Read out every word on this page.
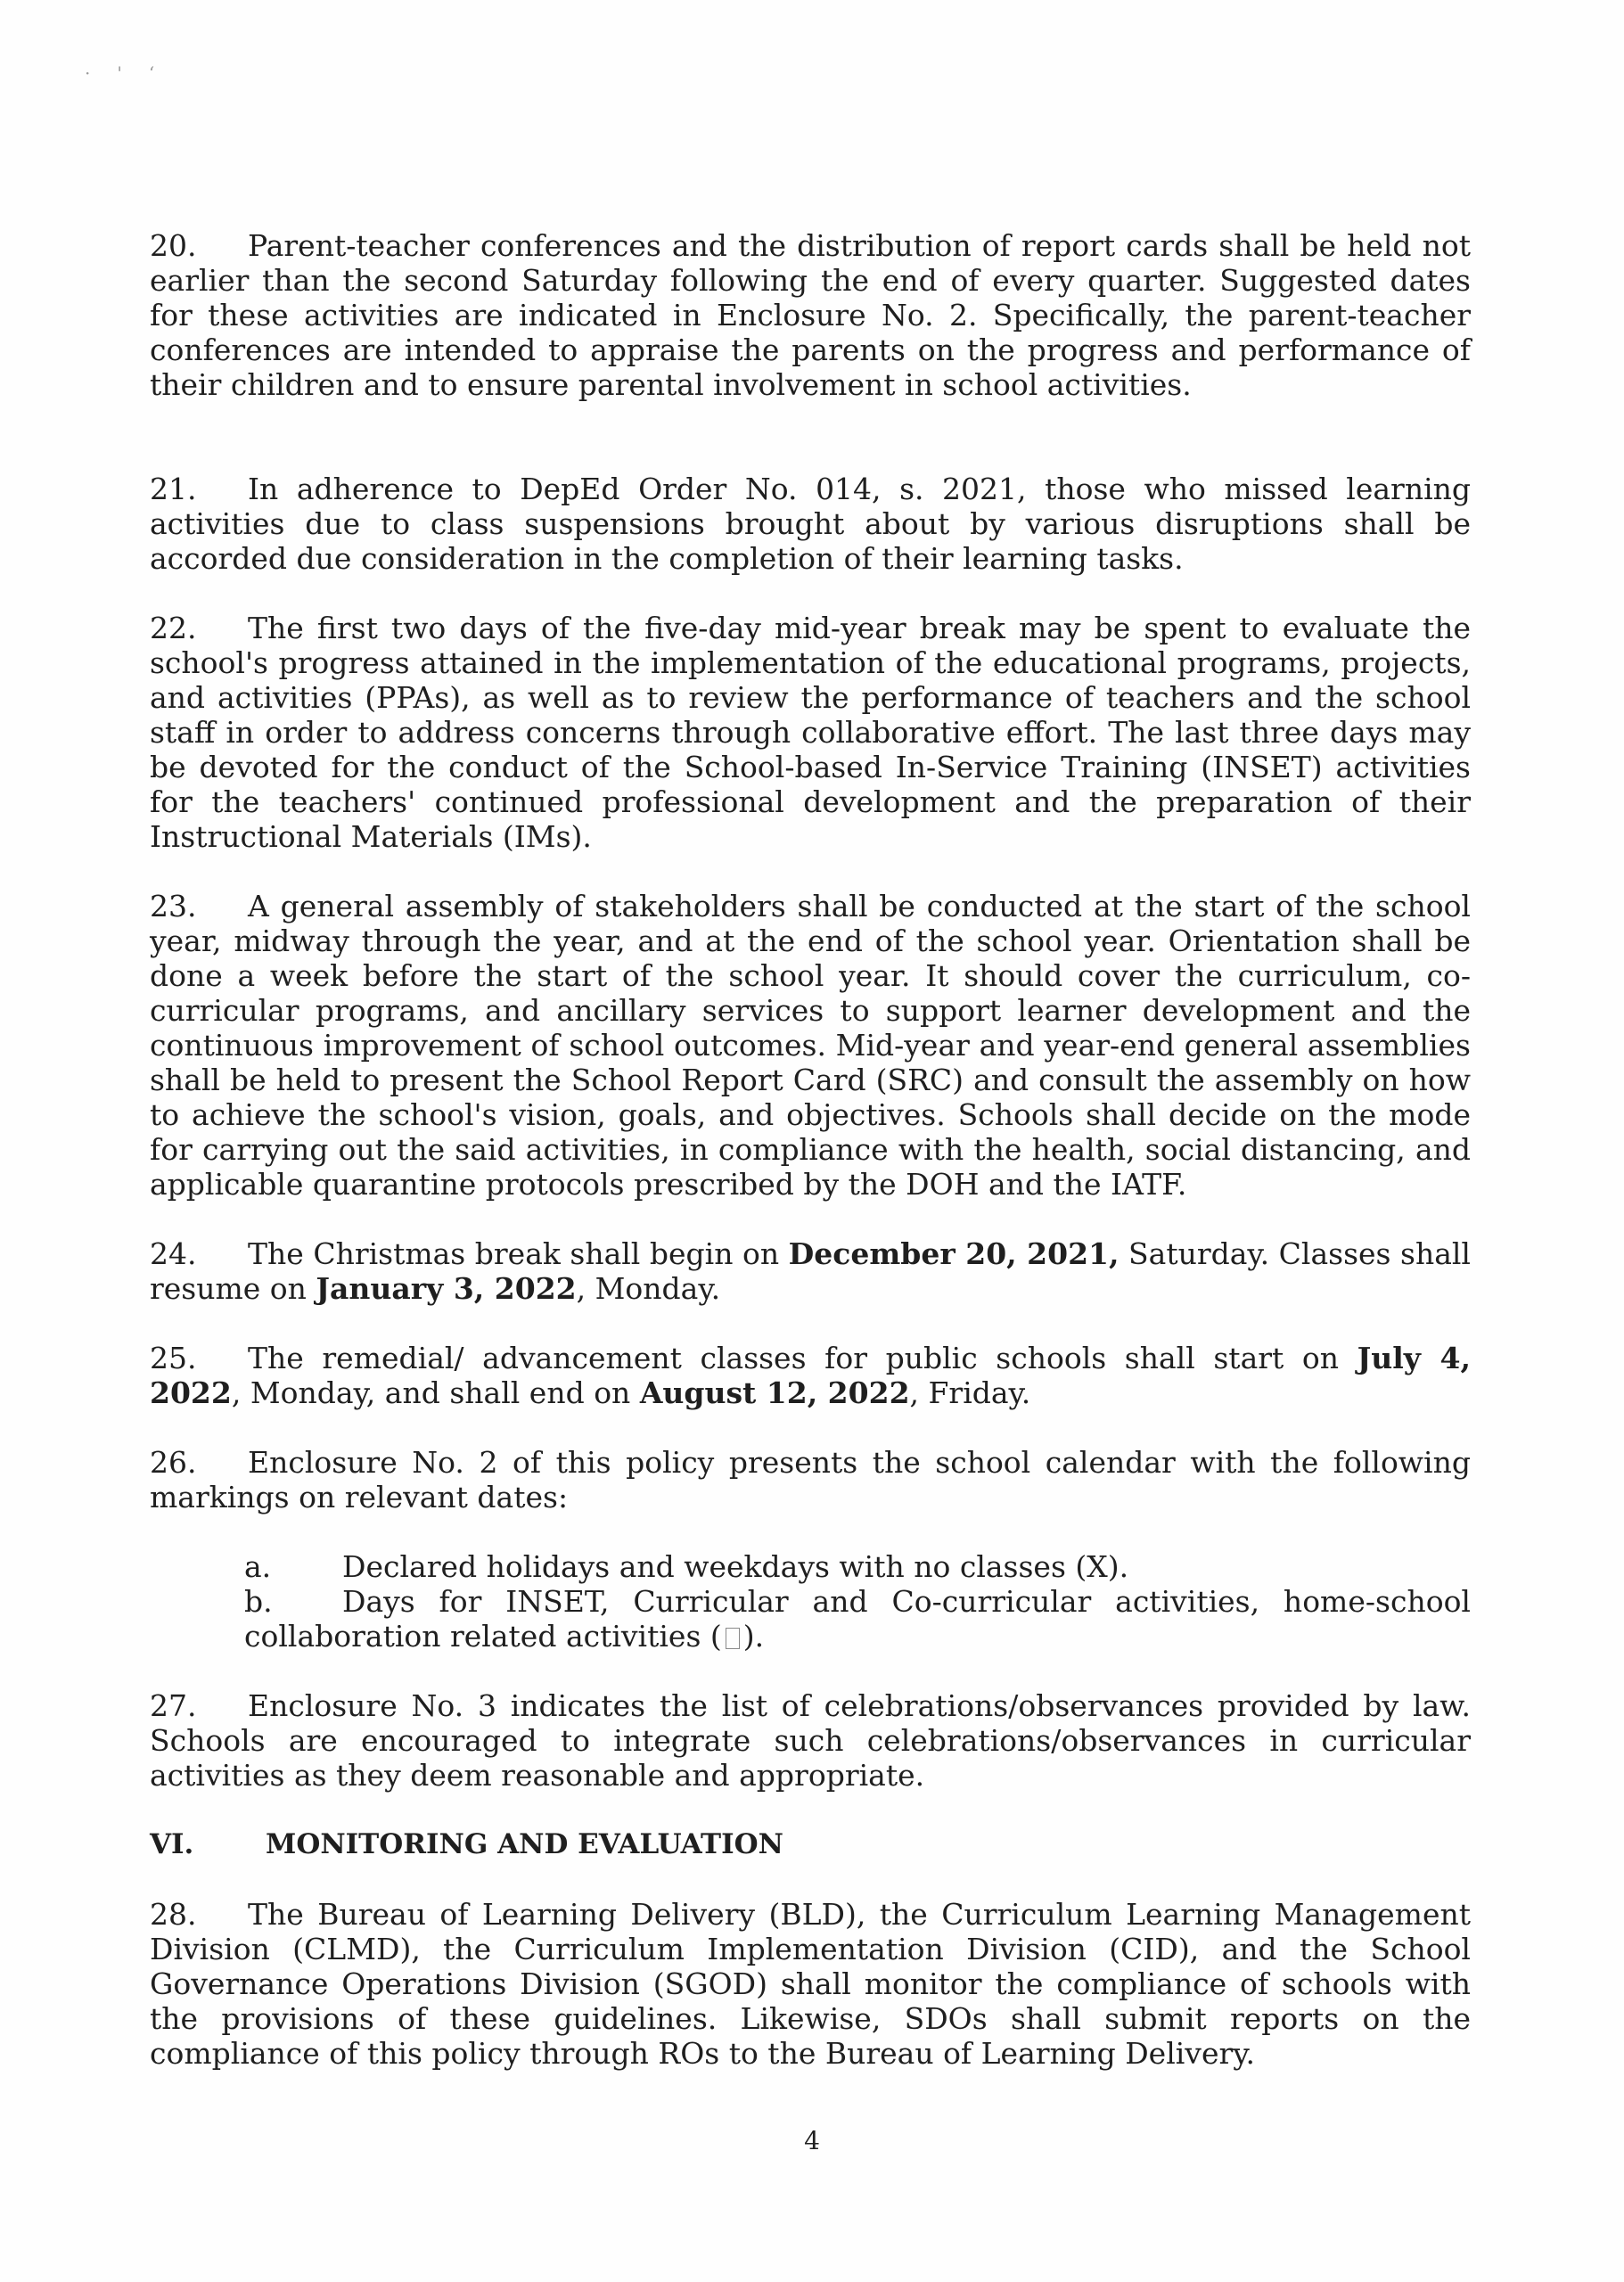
·'ʻ

20. Parent-teacher conferences and the distribution of report cards shall be held not earlier than the second Saturday following the end of every quarter. Suggested dates for these activities are indicated in Enclosure No. 2. Specifically, the parent-teacher conferences are intended to appraise the parents on the progress and performance of their children and to ensure parental involvement in school activities.

21. In adherence to DepEd Order No. 014, s. 2021, those who missed learning activities due to class suspensions brought about by various disruptions shall be accorded due consideration in the completion of their learning tasks.

22. The first two days of the five-day mid-year break may be spent to evaluate the school's progress attained in the implementation of the educational programs, projects, and activities (PPAs), as well as to review the performance of teachers and the school staff in order to address concerns through collaborative effort. The last three days may be devoted for the conduct of the School-based In-Service Training (INSET) activities for the teachers' continued professional development and the preparation of their Instructional Materials (IMs).

23. A general assembly of stakeholders shall be conducted at the start of the school year, midway through the year, and at the end of the school year. Orientation shall be done a week before the start of the school year. It should cover the curriculum, co-curricular programs, and ancillary services to support learner development and the continuous improvement of school outcomes. Mid-year and year-end general assemblies shall be held to present the School Report Card (SRC) and consult the assembly on how to achieve the school's vision, goals, and objectives. Schools shall decide on the mode for carrying out the said activities, in compliance with the health, social distancing, and applicable quarantine protocols prescribed by the DOH and the IATF.

24. The Christmas break shall begin on December 20, 2021, Saturday. Classes shall resume on January 3, 2022, Monday.

25. The remedial/ advancement classes for public schools shall start on July 4, 2022, Monday, and shall end on August 12, 2022, Friday.

26. Enclosure No. 2 of this policy presents the school calendar with the following markings on relevant dates:

a. Declared holidays and weekdays with no classes (X).

b. Days for INSET, Curricular and Co-curricular activities, home-school collaboration related activities ( ).

27. Enclosure No. 3 indicates the list of celebrations/observances provided by law. Schools are encouraged to integrate such celebrations/observances in curricular activities as they deem reasonable and appropriate.

VI.	MONITORING AND EVALUATION

28. The Bureau of Learning Delivery (BLD), the Curriculum Learning Management Division (CLMD), the Curriculum Implementation Division (CID), and the School Governance Operations Division (SGOD) shall monitor the compliance of schools with the provisions of these guidelines. Likewise, SDOs shall submit reports on the compliance of this policy through ROs to the Bureau of Learning Delivery.

4
